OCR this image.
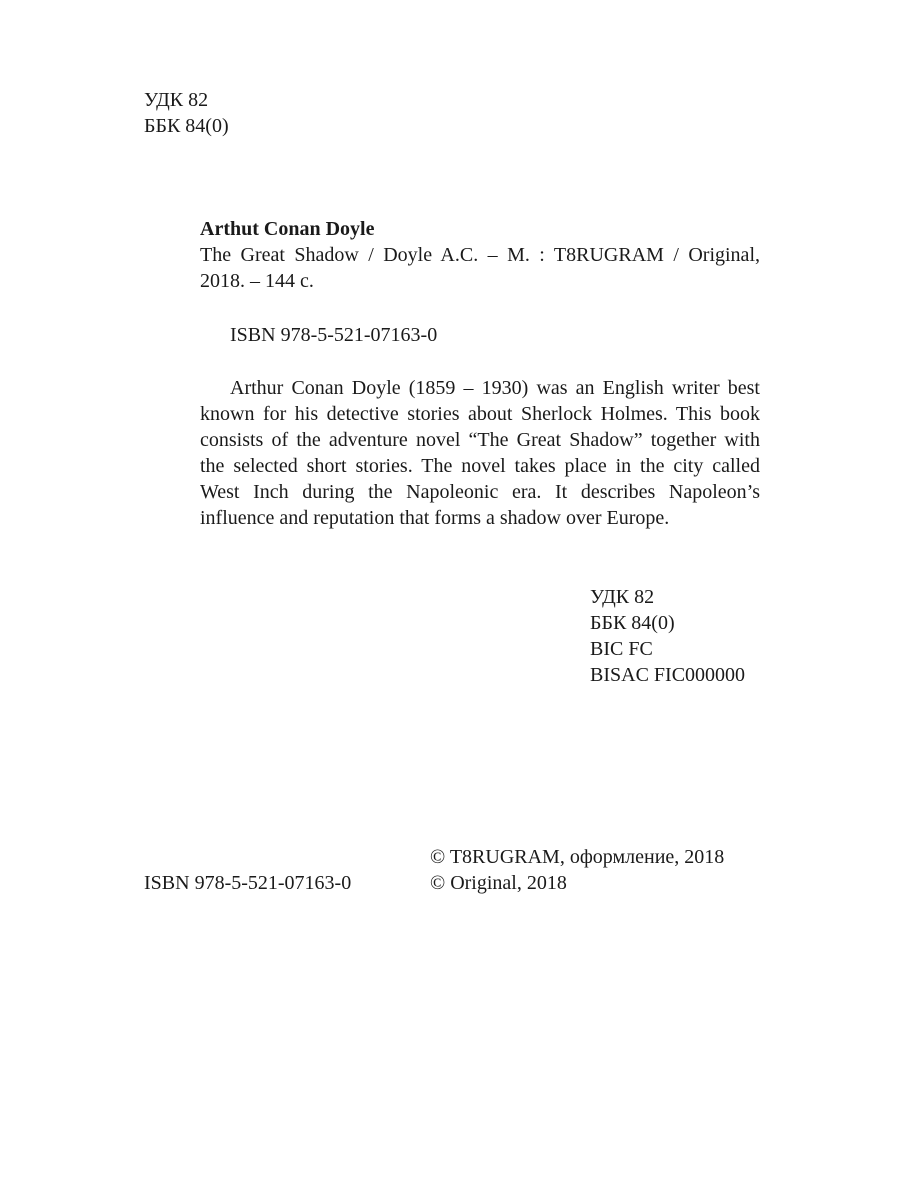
УДК 82
ББК 84(0)
Arthut Conan Doyle
The Great Shadow / Doyle A.C. – M. : T8RUGRAM / Original, 2018. – 144 c.
ISBN 978-5-521-07163-0
Arthur Conan Doyle (1859 – 1930) was an English writer best known for his detective stories about Sherlock Holmes. This book consists of the adventure novel “The Great Shadow” together with the selected short stories. The novel takes place in the city called West Inch during the Napoleonic era. It describes Napoleon’s influence and reputation that forms a shadow over Europe.
УДК 82
ББК 84(0)
BIC FC
BISAC FIC000000
ISBN 978-5-521-07163-0
© T8RUGRAM, оформление, 2018
© Original, 2018
